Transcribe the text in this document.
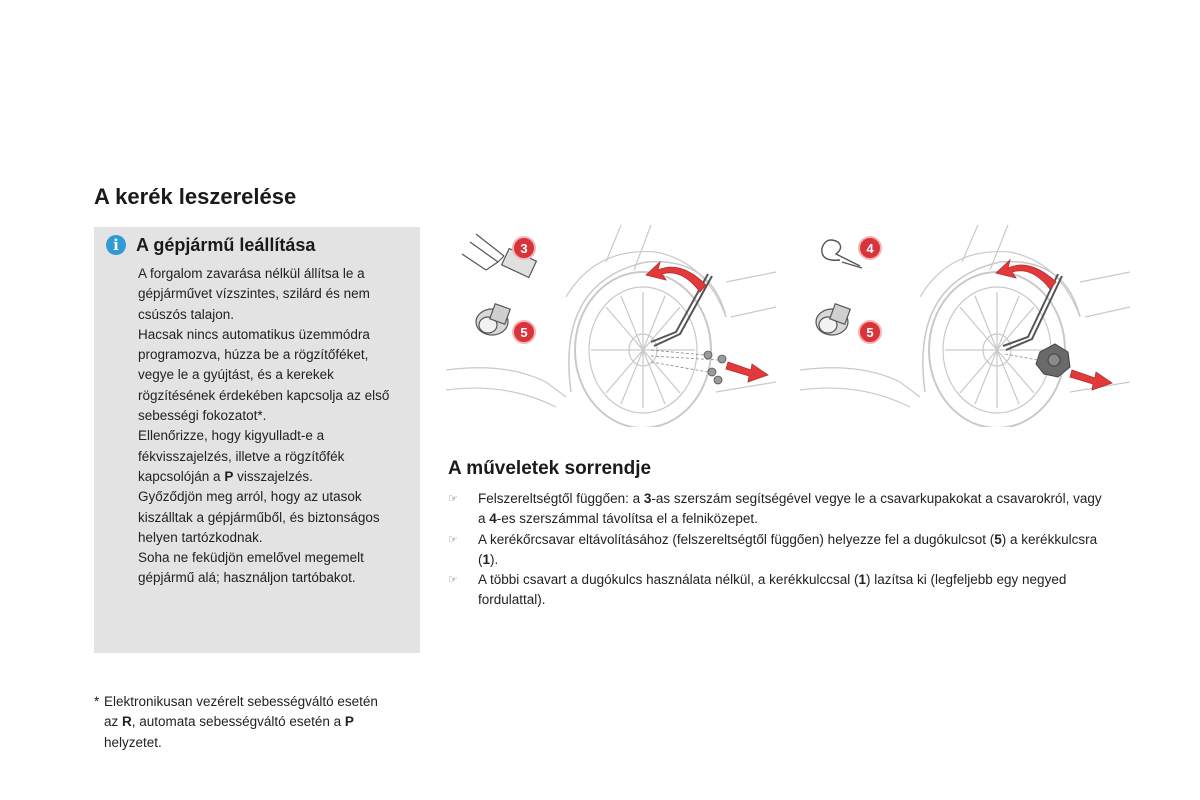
A kerék leszerelése
i A gépjármű leállítása

A forgalom zavarása nélkül állítsa le a gépjárművet vízszintes, szilárd és nem csúszós talajon.

Hacsak nincs automatikus üzemmódra programozva, húzza be a rögzítőféket, vegye le a gyújtást, és a kerekek rögzítésének érdekében kapcsolja az első sebességi fokozatot*.

Ellenőrizze, hogy kigyulladt-e a fékvisszajelzés, illetve a rögzítőfék kapcsolóján a P visszajelzés.

Győződjön meg arról, hogy az utasok kiszálltak a gépjárműből, és biztonságos helyen tartózkodnak.

Soha ne feküdjön emelővel megemelt gépjármű alá; használjon tartóbakot.

3
5
4
5
A műveletek sorrendje
☞ Felszereltségtől függően: a 3-as szerszám segítségével vegye le a csavarkupakokat a csavarokról, vagy a 4-es szerszámmal távolítsa el a felniközepet.
☞ A kerékőrcsavar eltávolításához (felszereltségtől függően) helyezze fel a dugókulcsot (5) a kerékkulcsra (1).
☞ A többi csavart a dugókulcs használata nélkül, a kerékkulccsal (1) lazítsa ki (legfeljebb egy negyed fordulattal).
* Elektronikusan vezérelt sebességváltó esetén
az R, automata sebességváltó esetén a P
helyzetet.
